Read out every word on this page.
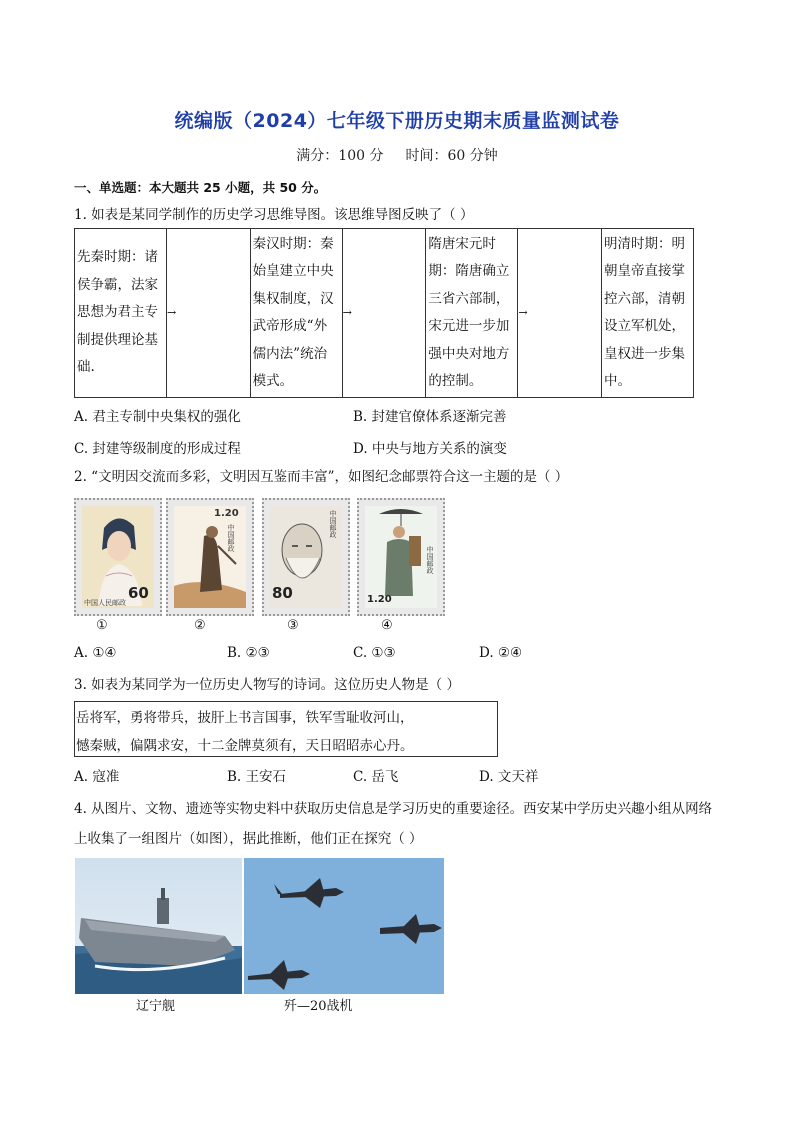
统编版（2024）七年级下册历史期末质量监测试卷
满分：100 分 时间：60 分钟
一、单选题：本大题共 25 小题，共 50 分。
1. 如表是某同学制作的历史学习思维导图。该思维导图反映了（ ）
先秦时期：诸侯争霸，法家思想为君主专制提供理论基础.	→	秦汉时期：秦始皇建立中央集权制度，汉武帝形成“外儒内法”统治模式。	→	隋唐宋元时期：隋唐确立三省六部制，宋元进一步加强中央对地方的控制。	→	明清时期：明朝皇帝直接掌控六部，清朝设立军机处，皇权进一步集中。
A. 君主专制中央集权的强化	B. 封建官僚体系逐渐完善
C. 封建等级制度的形成过程	D. 中央与地方关系的演变
2. “文明因交流而多彩，文明因互鉴而丰富”，如图纪念邮票符合这一主题的是（ ）
60
中国人民邮政
1.20
中国邮政
80
中国邮政
1.20
中国邮政
①	②	③	④
A. ①④	B. ②③	C. ①③	D. ②④
3. 如表为某同学为一位历史人物写的诗词。这位历史人物是（ ）
岳将军，勇将带兵，披肝上书言国事，铁军雪耻收河山，
憾秦贼，偏隅求安，十二金牌莫须有，天日昭昭赤心丹。
A. 寇准	B. 王安石	C. 岳飞	D. 文天祥
4. 从图片、文物、遗迹等实物史料中获取历史信息是学习历史的重要途径。西安某中学历史兴趣小组从网络上收集了一组图片（如图），据此推断，他们正在探究（ ）
辽宁舰	歼—20战机
